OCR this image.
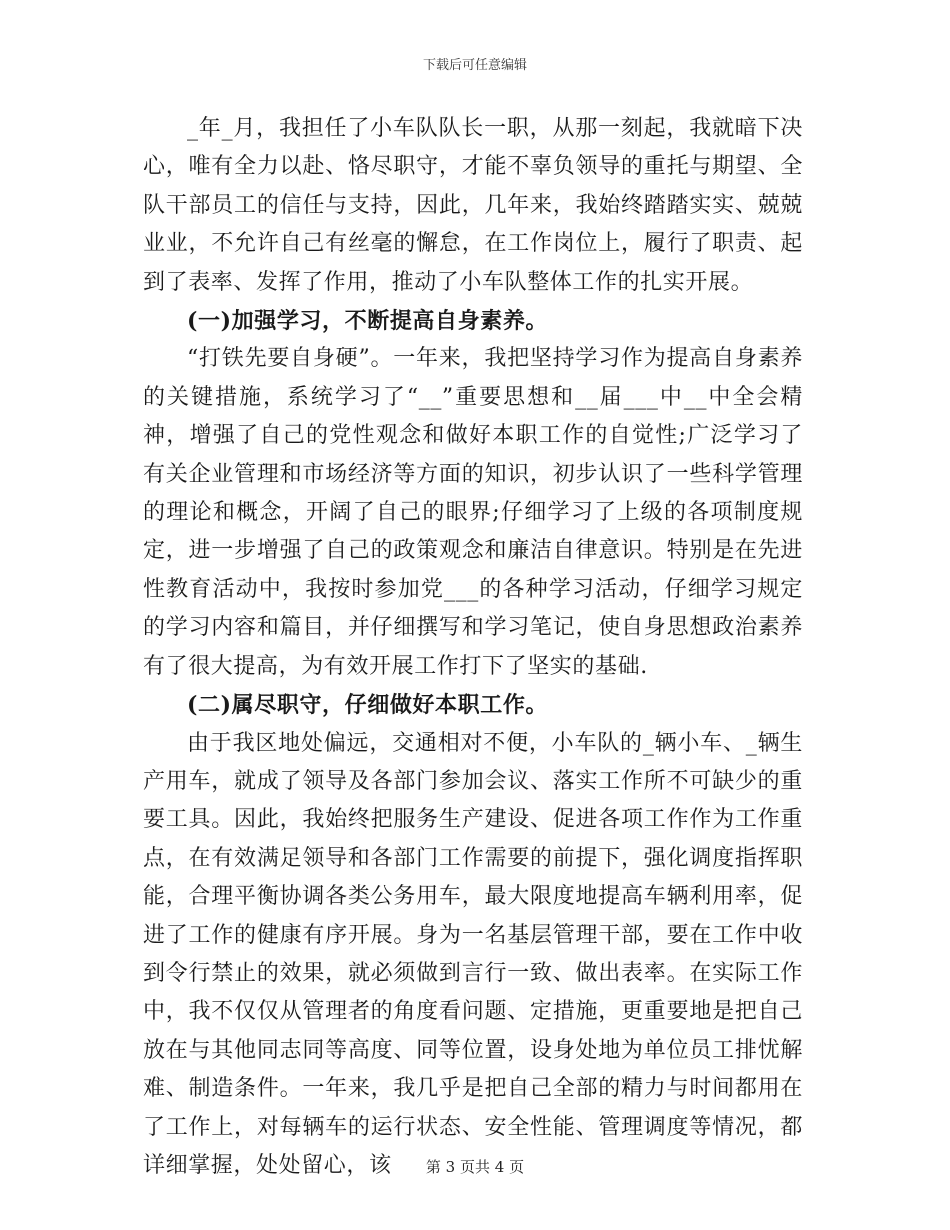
下载后可任意编辑

_年_月，我担任了小车队队长一职，从那一刻起，我就暗下决心，唯有全力以赴、恪尽职守，才能不辜负领导的重托与期望、全队干部员工的信任与支持，因此，几年来，我始终踏踏实实、兢兢业业，不允许自己有丝毫的懈怠，在工作岗位上，履行了职责、起到了表率、发挥了作用，推动了小车队整体工作的扎实开展。

(一)加强学习，不断提高自身素养。

“打铁先要自身硬”。一年来，我把坚持学习作为提高自身素养的关键措施，系统学习了“__”重要思想和__届___中__中全会精神，增强了自己的党性观念和做好本职工作的自觉性;广泛学习了有关企业管理和市场经济等方面的知识，初步认识了一些科学管理的理论和概念，开阔了自己的眼界;仔细学习了上级的各项制度规定，进一步增强了自己的政策观念和廉洁自律意识。特别是在先进性教育活动中，我按时参加党___的各种学习活动，仔细学习规定的学习内容和篇目，并仔细撰写和学习笔记，使自身思想政治素养有了很大提高，为有效开展工作打下了坚实的基础.

(二)属尽职守，仔细做好本职工作。

由于我区地处偏远，交通相对不便，小车队的_辆小车、_辆生产用车，就成了领导及各部门参加会议、落实工作所不可缺少的重要工具。因此，我始终把服务生产建设、促进各项工作作为工作重点，在有效满足领导和各部门工作需要的前提下，强化调度指挥职能，合理平衡协调各类公务用车，最大限度地提高车辆利用率，促进了工作的健康有序开展。身为一名基层管理干部，要在工作中收到令行禁止的效果，就必须做到言行一致、做出表率。在实际工作中，我不仅仅从管理者的角度看问题、定措施，更重要地是把自己放在与其他同志同等高度、同等位置，设身处地为单位员工排忧解难、制造条件。一年来，我几乎是把自己全部的精力与时间都用在了工作上，对每辆车的运行状态、安全性能、管理调度等情况，都详细掌握，处处留心，该	第 3 页共 4 页
